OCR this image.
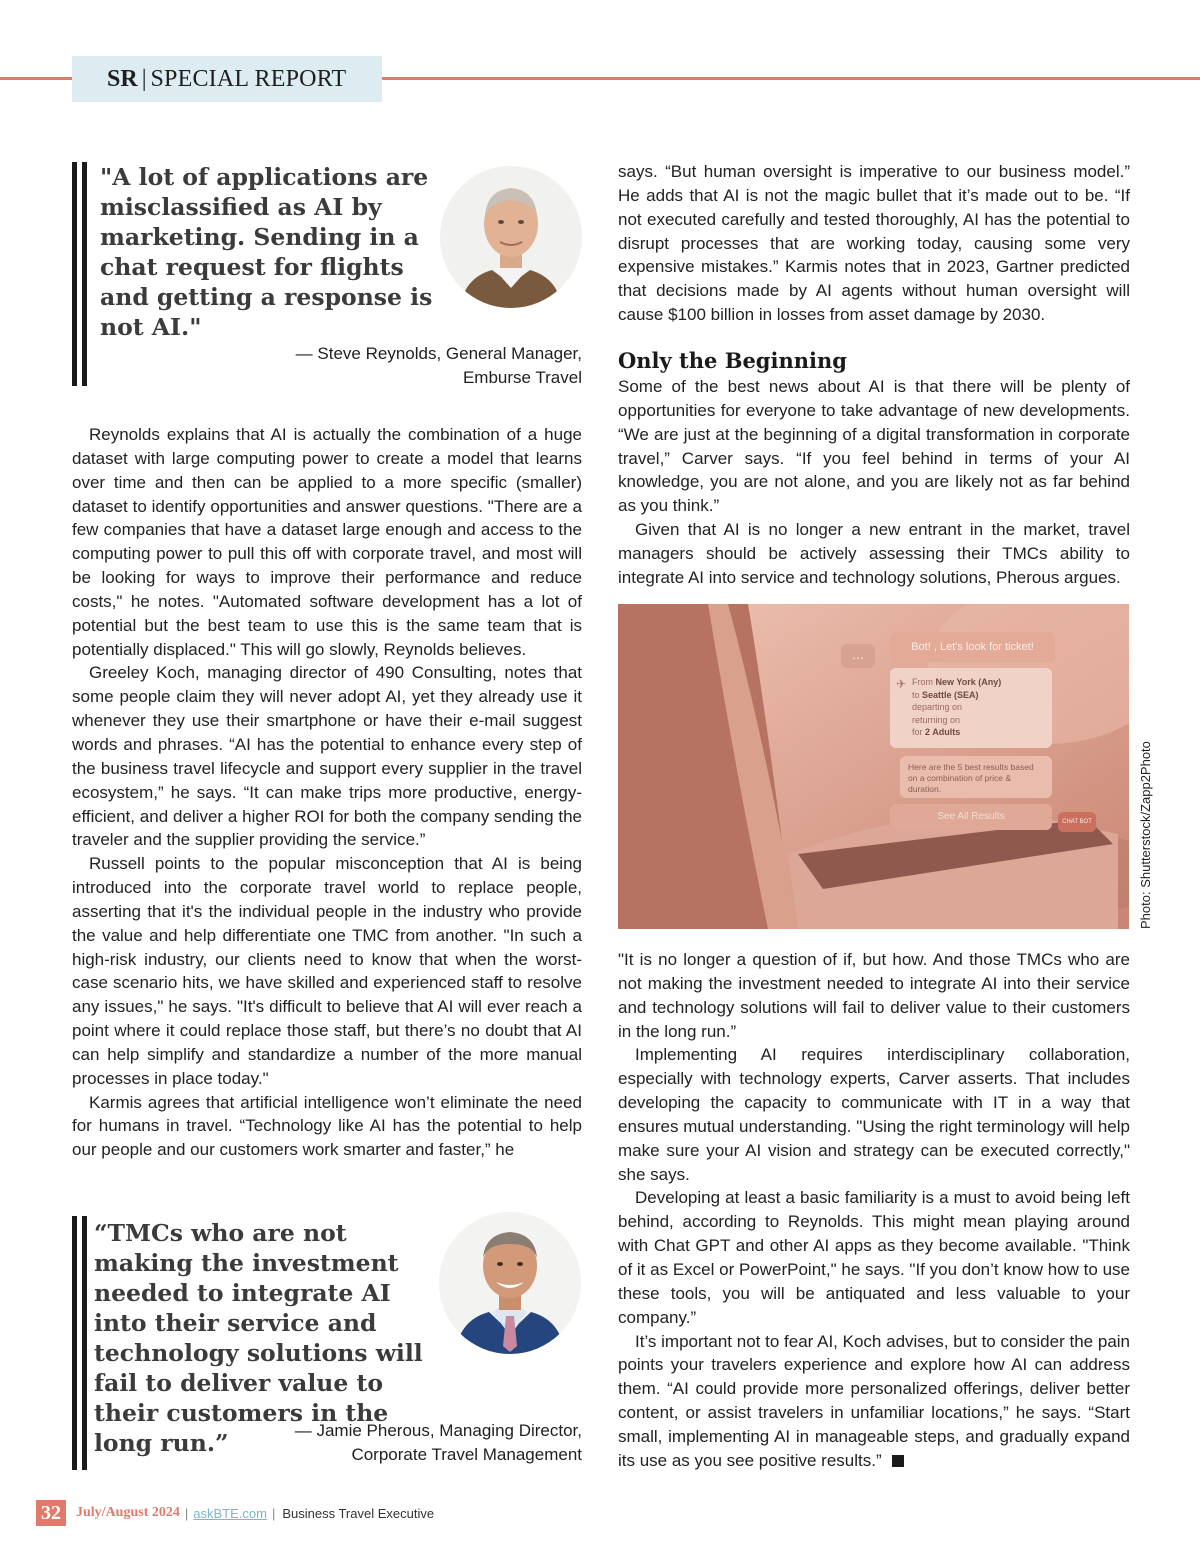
SR | SPECIAL REPORT
"A lot of applications are misclassified as AI by marketing. Sending in a chat request for flights and getting a response is not AI."
— Steve Reynolds, General Manager,
Emburse Travel

Reynolds explains that AI is actually the combination of a huge dataset with large computing power to create a model that learns over time and then can be applied to a more specific (smaller) dataset to identify opportunities and answer questions. "There are a few companies that have a dataset large enough and access to the computing power to pull this off with corporate travel, and most will be looking for ways to improve their performance and reduce costs," he notes. "Automated software development has a lot of potential but the best team to use this is the same team that is potentially displaced." This will go slowly, Reynolds believes.

Greeley Koch, managing director of 490 Consulting, notes that some people claim they will never adopt AI, yet they already use it whenever they use their smartphone or have their e-mail suggest words and phrases. “AI has the potential to enhance every step of the business travel lifecycle and support every supplier in the travel ecosystem,” he says. “It can make trips more productive, energy-efficient, and deliver a higher ROI for both the company sending the traveler and the supplier providing the service.”

Russell points to the popular misconception that AI is being introduced into the corporate travel world to replace people, asserting that it's the individual people in the industry who provide the value and help differentiate one TMC from another. "In such a high-risk industry, our clients need to know that when the worst-case scenario hits, we have skilled and experienced staff to resolve any issues," he says. "It's difficult to believe that AI will ever reach a point where it could replace those staff, but there’s no doubt that AI can help simplify and standardize a number of the more manual processes in place today."

Karmis agrees that artificial intelligence won’t eliminate the need for humans in travel. “Technology like AI has the potential to help our people and our customers work smarter and faster,” he

“TMCs who are not making the investment needed to integrate AI into their service and technology solutions will fail to deliver value to their customers in the long run.”	— Jamie Pherous, Managing Director,
Corporate Travel Management

says. “But human oversight is imperative to our business model.” He adds that AI is not the magic bullet that it’s made out to be. “If not executed carefully and tested thoroughly, AI has the potential to disrupt processes that are working today, causing some very expensive mistakes.” Karmis notes that in 2023, Gartner predicted that decisions made by AI agents without human oversight will cause $100 billion in losses from asset damage by 2030.

Only the Beginning

Some of the best news about AI is that there will be plenty of opportunities for everyone to take advantage of new developments. “We are just at the beginning of a digital transformation in corporate travel,” Carver says. “If you feel behind in terms of your AI knowledge, you are not alone, and you are likely not as far behind as you think.”

Given that AI is no longer a new entrant in the market, travel managers should be actively assessing their TMCs ability to integrate AI into service and technology solutions, Pherous argues.

...	Bot! , Let's look for ticket!
From New York (Any)
to Seattle (SEA)
departing on
returning on
for 2 Adults
✈
Here are the 5 best results based on a combination of price & duration.
See All Results	CHAT BOT	Photo: Shutterstock/Zapp2Photo

"It is no longer a question of if, but how. And those TMCs who are not making the investment needed to integrate AI into their service and technology solutions will fail to deliver value to their customers in the long run.”

Implementing AI requires interdisciplinary collaboration, especially with technology experts, Carver asserts. That includes developing the capacity to communicate with IT in a way that ensures mutual understanding. "Using the right terminology will help make sure your AI vision and strategy can be executed correctly," she says.

Developing at least a basic familiarity is a must to avoid being left behind, according to Reynolds. This might mean playing around with Chat GPT and other AI apps as they become available. "Think of it as Excel or PowerPoint," he says. "If you don’t know how to use these tools, you will be antiquated and less valuable to your company.”

It’s important not to fear AI, Koch advises, but to consider the pain points your travelers experience and explore how AI can address them. “AI could provide more personalized offerings, deliver better content, or assist travelers in unfamiliar locations,” he says. “Start small, implementing AI in manageable steps, and gradually expand its use as you see positive results.”

32	July/August 2024 | askBTE.com | Business Travel Executive
